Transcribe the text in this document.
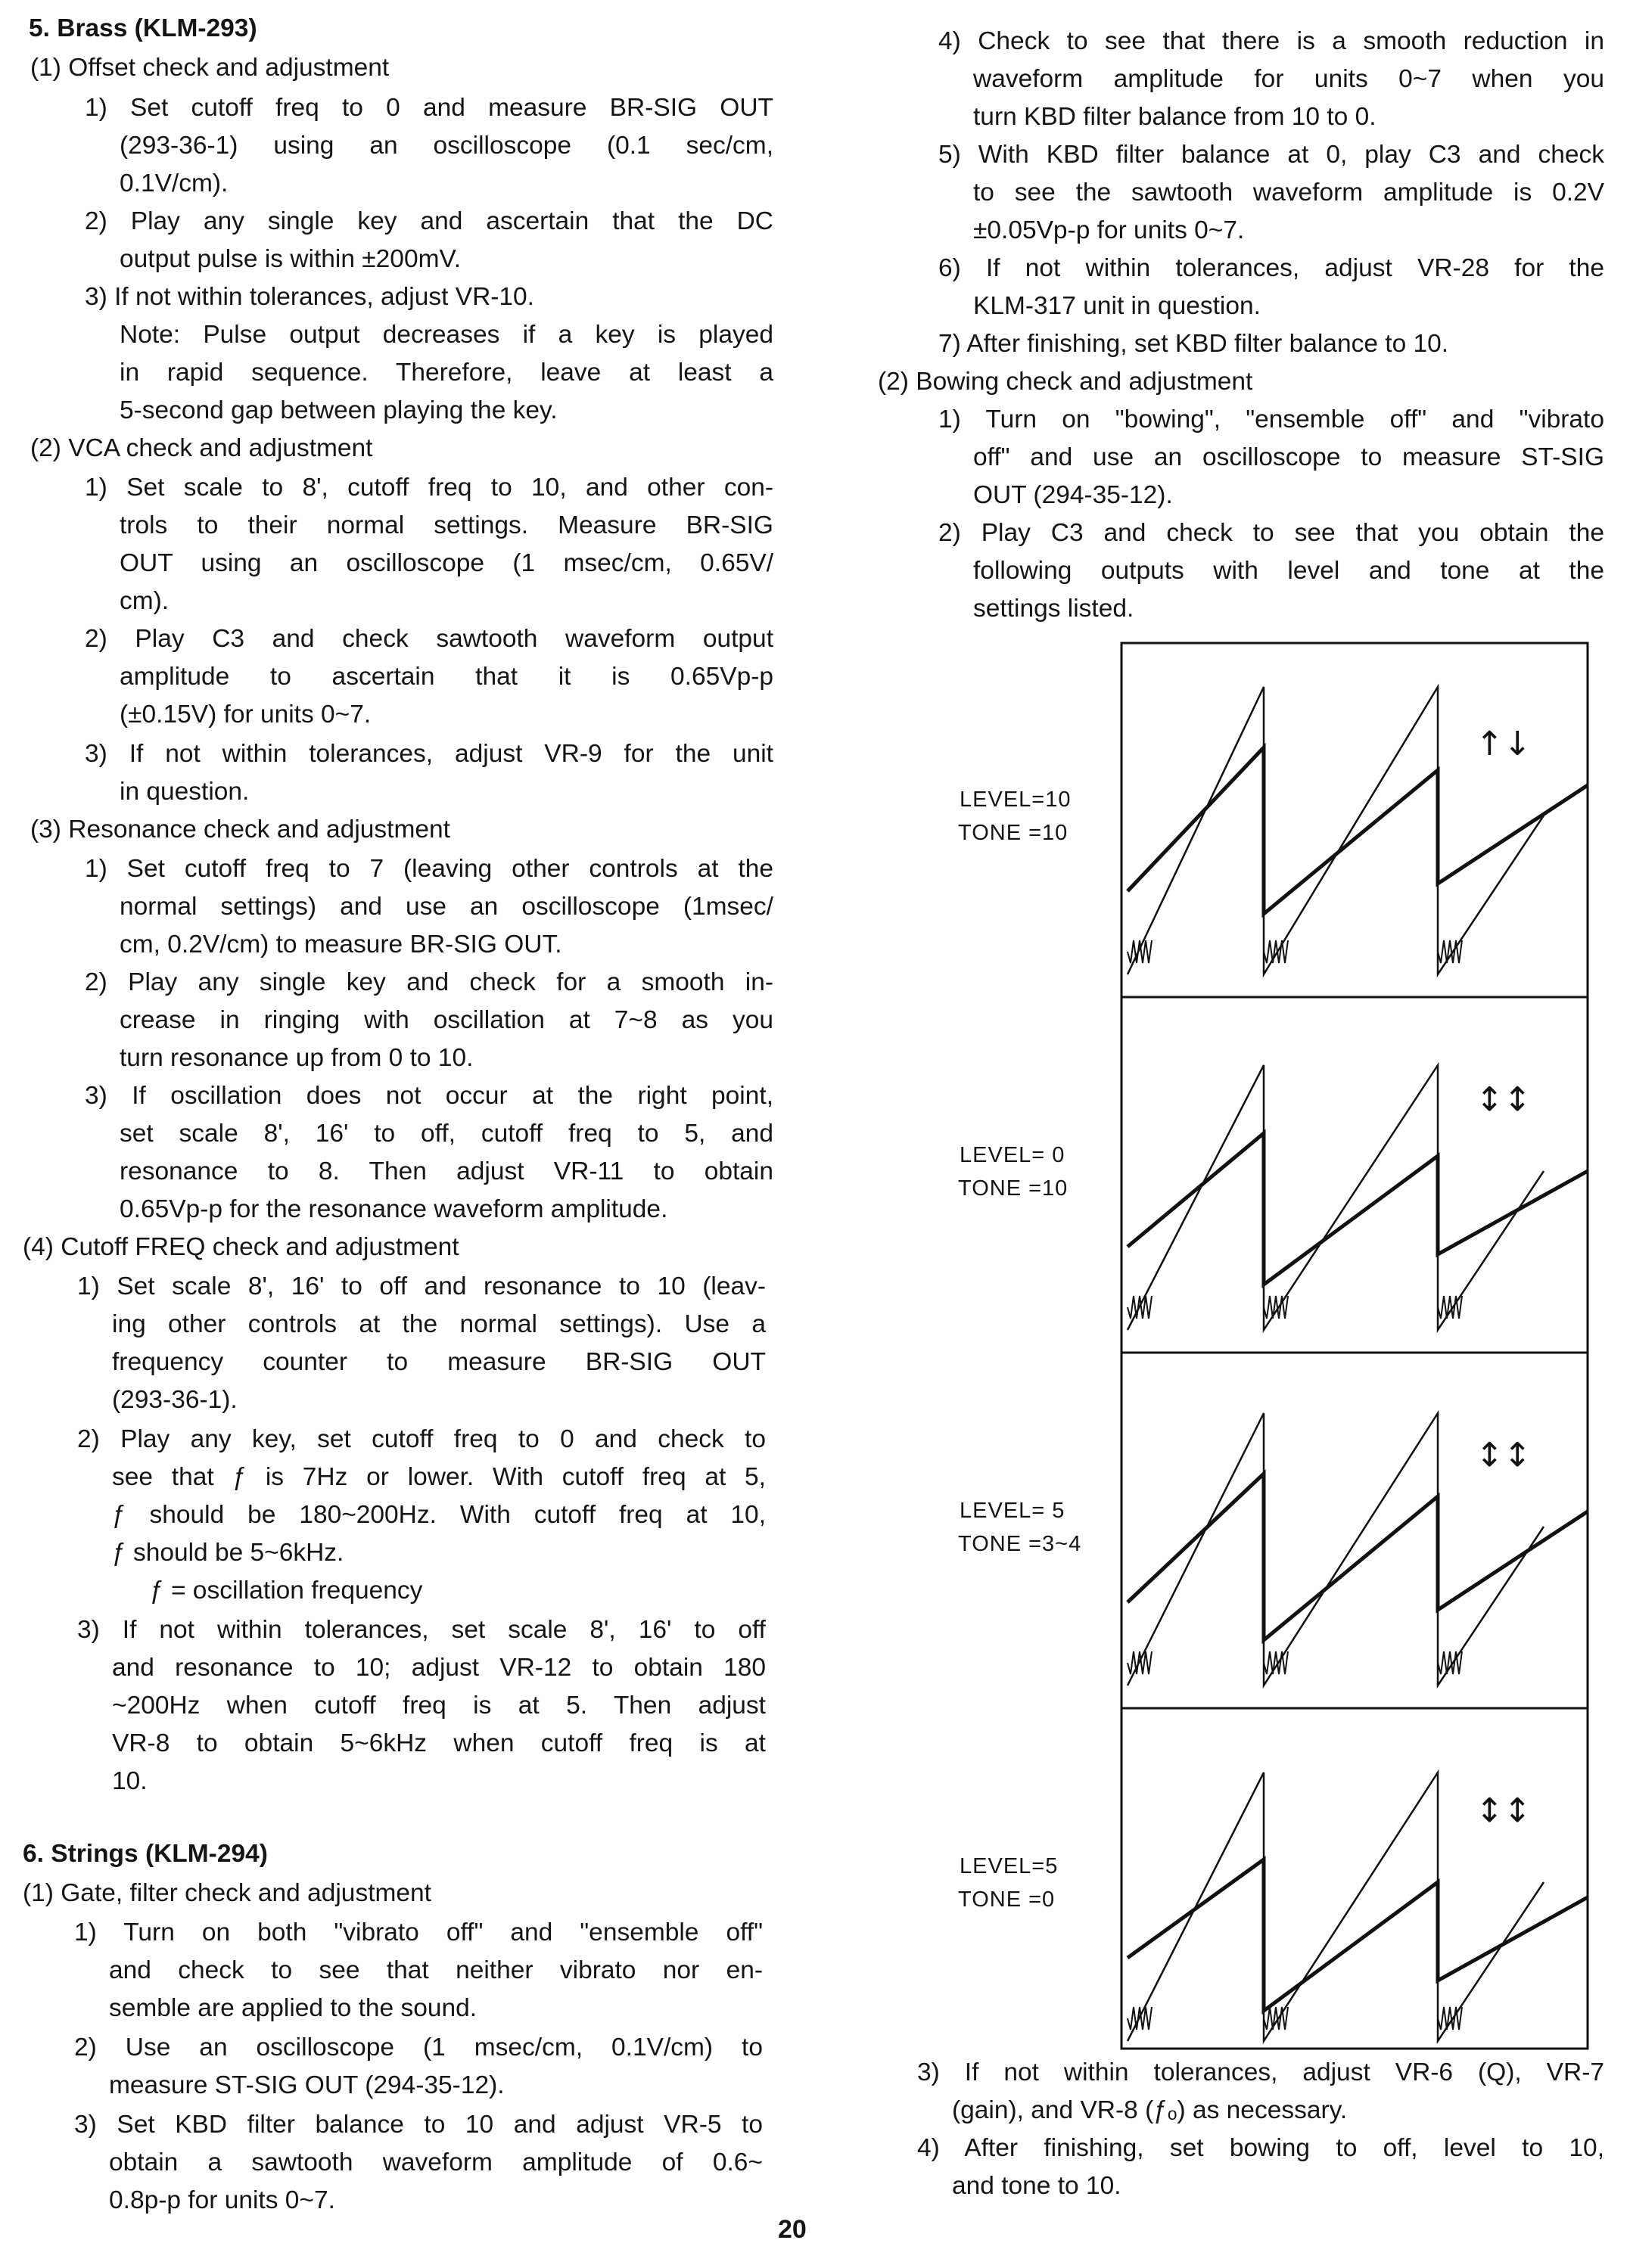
5. Brass (KLM-293)
(1) Offset check and adjustment
1) Set cutoff freq to 0 and measure BR-SIG OUT
(293-36-1) using an oscilloscope (0.1 sec/cm,
0.1V/cm).
2) Play any single key and ascertain that the DC
output pulse is within ±200mV.
3) If not within tolerances, adjust VR-10.
Note: Pulse output decreases if a key is played
in rapid sequence. Therefore, leave at least a
5-second gap between playing the key.
(2) VCA check and adjustment
1) Set scale to 8', cutoff freq to 10, and other con-
trols to their normal settings. Measure BR-SIG
OUT using an oscilloscope (1 msec/cm, 0.65V/
cm).
2) Play C3 and check sawtooth waveform output
amplitude to ascertain that it is 0.65Vp-p
(±0.15V) for units 0~7.
3) If not within tolerances, adjust VR-9 for the unit
in question.
(3) Resonance check and adjustment
1) Set cutoff freq to 7 (leaving other controls at the
normal settings) and use an oscilloscope (1msec/
cm, 0.2V/cm) to measure BR-SIG OUT.
2) Play any single key and check for a smooth in-
crease in ringing with oscillation at 7~8 as you
turn resonance up from 0 to 10.
3) If oscillation does not occur at the right point,
set scale 8', 16' to off, cutoff freq to 5, and
resonance to 8. Then adjust VR-11 to obtain
0.65Vp-p for the resonance waveform amplitude.
(4) Cutoff FREQ check and adjustment
1) Set scale 8', 16' to off and resonance to 10 (leav-
ing other controls at the normal settings). Use a
frequency counter to measure BR-SIG OUT
(293-36-1).
2) Play any key, set cutoff freq to 0 and check to
see that ƒ is 7Hz or lower. With cutoff freq at 5,
ƒ should be 180~200Hz. With cutoff freq at 10,
ƒ should be 5~6kHz.
ƒ = oscillation frequency
3) If not within tolerances, set scale 8', 16' to off
and resonance to 10; adjust VR-12 to obtain 180
~200Hz when cutoff freq is at 5. Then adjust
VR-8 to obtain 5~6kHz when cutoff freq is at
10.
6. Strings (KLM-294)
(1) Gate, filter check and adjustment
1) Turn on both "vibrato off" and "ensemble off"
and check to see that neither vibrato nor en-
semble are applied to the sound.
2) Use an oscilloscope (1 msec/cm, 0.1V/cm) to
measure ST-SIG OUT (294-35-12).
3) Set KBD filter balance to 10 and adjust VR-5 to
obtain a sawtooth waveform amplitude of 0.6~
0.8p-p for units 0~7.
4) Check to see that there is a smooth reduction in
waveform amplitude for units 0~7 when you
turn KBD filter balance from 10 to 0.
5) With KBD filter balance at 0, play C3 and check
to see the sawtooth waveform amplitude is 0.2V
±0.05Vp-p for units 0~7.
6) If not within tolerances, adjust VR-28 for the
KLM-317 unit in question.
7) After finishing, set KBD filter balance to 10.
(2) Bowing check and adjustment
1) Turn on "bowing", "ensemble off" and "vibrato
off" and use an oscilloscope to measure ST-SIG
OUT (294-35-12).
2) Play C3 and check to see that you obtain the
following outputs with level and tone at the
settings listed.
3) If not within tolerances, adjust VR-6 (Q), VR-7
(gain), and VR-8 (ƒₒ) as necessary.
4) After finishing, set bowing to off, level to 10,
and tone to 10.
LEVEL=10
TONE =10
LEVEL= 0
TONE =10
LEVEL= 5
TONE =3~4
LEVEL=5
TONE =0
↑↓
↕↕
↕↕
↕↕
20
